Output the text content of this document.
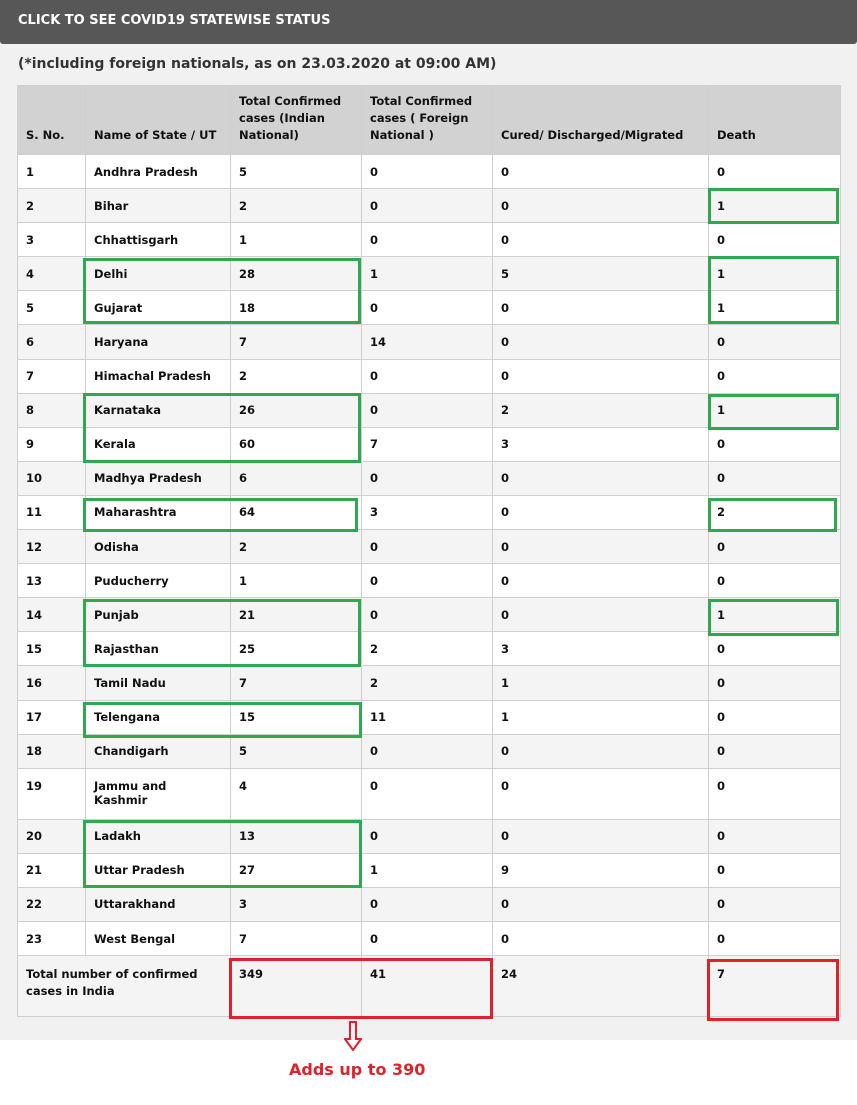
CLICK TO SEE COVID19 STATEWISE STATUS
(*including foreign nationals, as on 23.03.2020 at 09:00 AM)
S. No.	Name of State / UT	Total Confirmed cases (Indian National)	Total Confirmed cases ( Foreign National )	Cured/ Discharged/Migrated	Death
1	Andhra Pradesh	5	0	0	0
2	Bihar	2	0	0	1
3	Chhattisgarh	1	0	0	0
4	Delhi	28	1	5	1
5	Gujarat	18	0	0	1
6	Haryana	7	14	0	0
7	Himachal Pradesh	2	0	0	0
8	Karnataka	26	0	2	1
9	Kerala	60	7	3	0
10	Madhya Pradesh	6	0	0	0
11	Maharashtra	64	3	0	2
12	Odisha	2	0	0	0
13	Puducherry	1	0	0	0
14	Punjab	21	0	0	1
15	Rajasthan	25	2	3	0
16	Tamil Nadu	7	2	1	0
17	Telengana	15	11	1	0
18	Chandigarh	5	0	0	0
19	Jammu and Kashmir	4	0	0	0
20	Ladakh	13	0	0	0
21	Uttar Pradesh	27	1	9	0
22	Uttarakhand	3	0	0	0
23	West Bengal	7	0	0	0
Total number of confirmed cases in India		349	41	24	7
Adds up to 390
